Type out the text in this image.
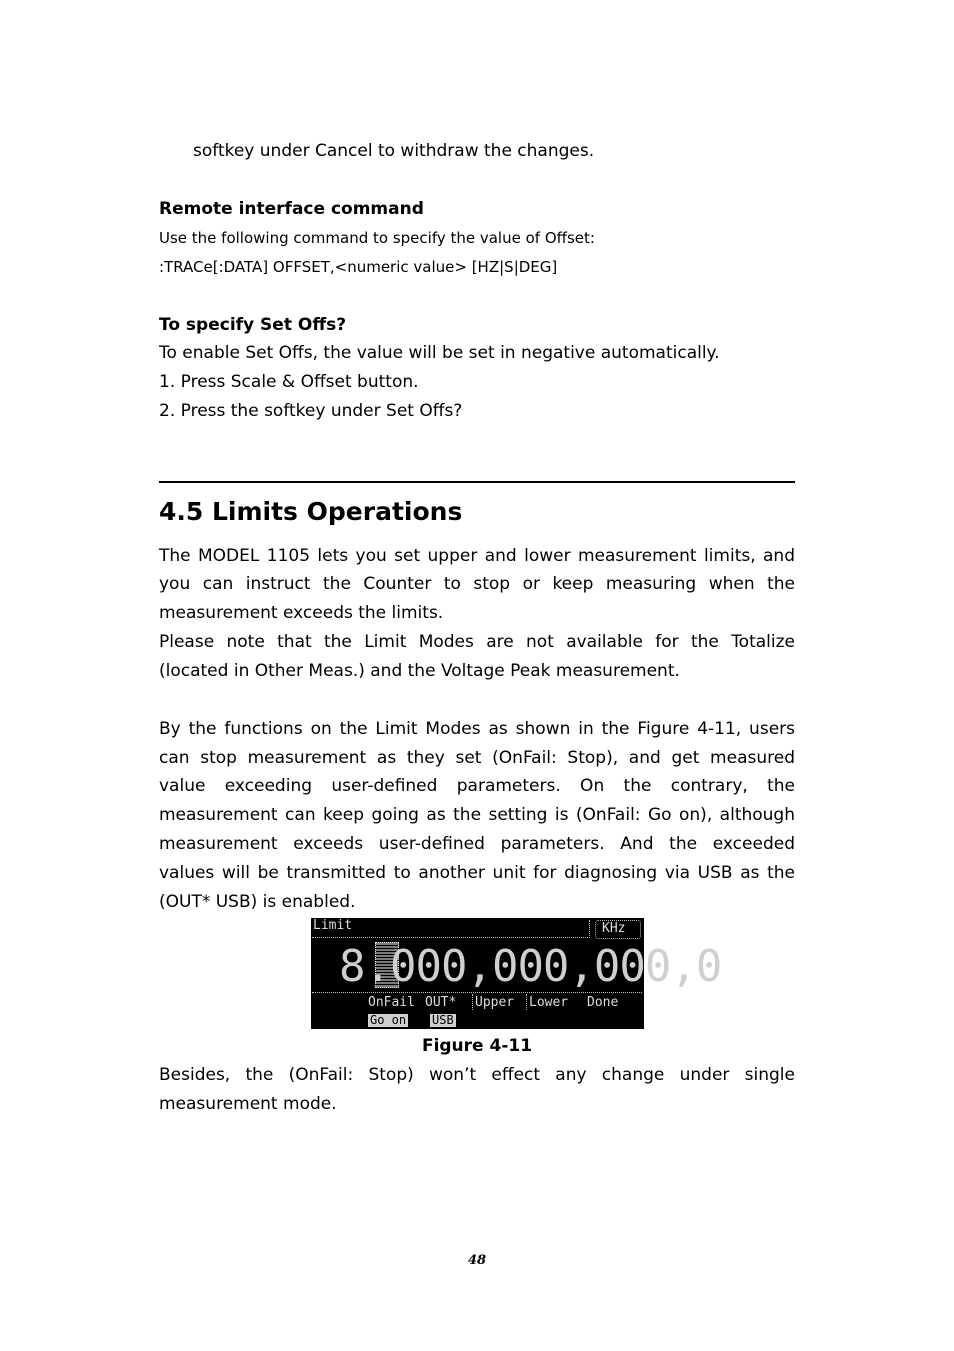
softkey under Cancel to withdraw the changes.
Remote interface command
Use the following command to specify the value of Offset:
:TRACe[:DATA] OFFSET,<numeric value> [HZ|S|DEG]
To specify Set Offs?
To enable Set Offs, the value will be set in negative automatically.
1. Press Scale & Offset button.
2. Press the softkey under Set Offs?
4.5 Limits Operations
The MODEL 1105 lets you set upper and lower measurement limits, and
you can instruct the Counter to stop or keep measuring when the
measurement exceeds the limits.
Please note that the Limit Modes are not available for the Totalize
(located in Other Meas.) and the Voltage Peak measurement.
By the functions on the Limit Modes as shown in the Figure 4-11, users
can stop measurement as they set (OnFail: Stop), and get measured
value exceeding user-defined parameters. On the contrary, the
measurement can keep going as the setting is (OnFail: Go on), although
measurement exceeds user-defined parameters. And the exceeded
values will be transmitted to another unit for diagnosing via USB as the
(OUT* USB) is enabled.
Limit	KHz
8.000,000,000,0
OnFail OUT* Upper Lower Done
Go on USB
Figure 4-11
Besides, the (OnFail: Stop) won’t effect any change under single
measurement mode.
48
